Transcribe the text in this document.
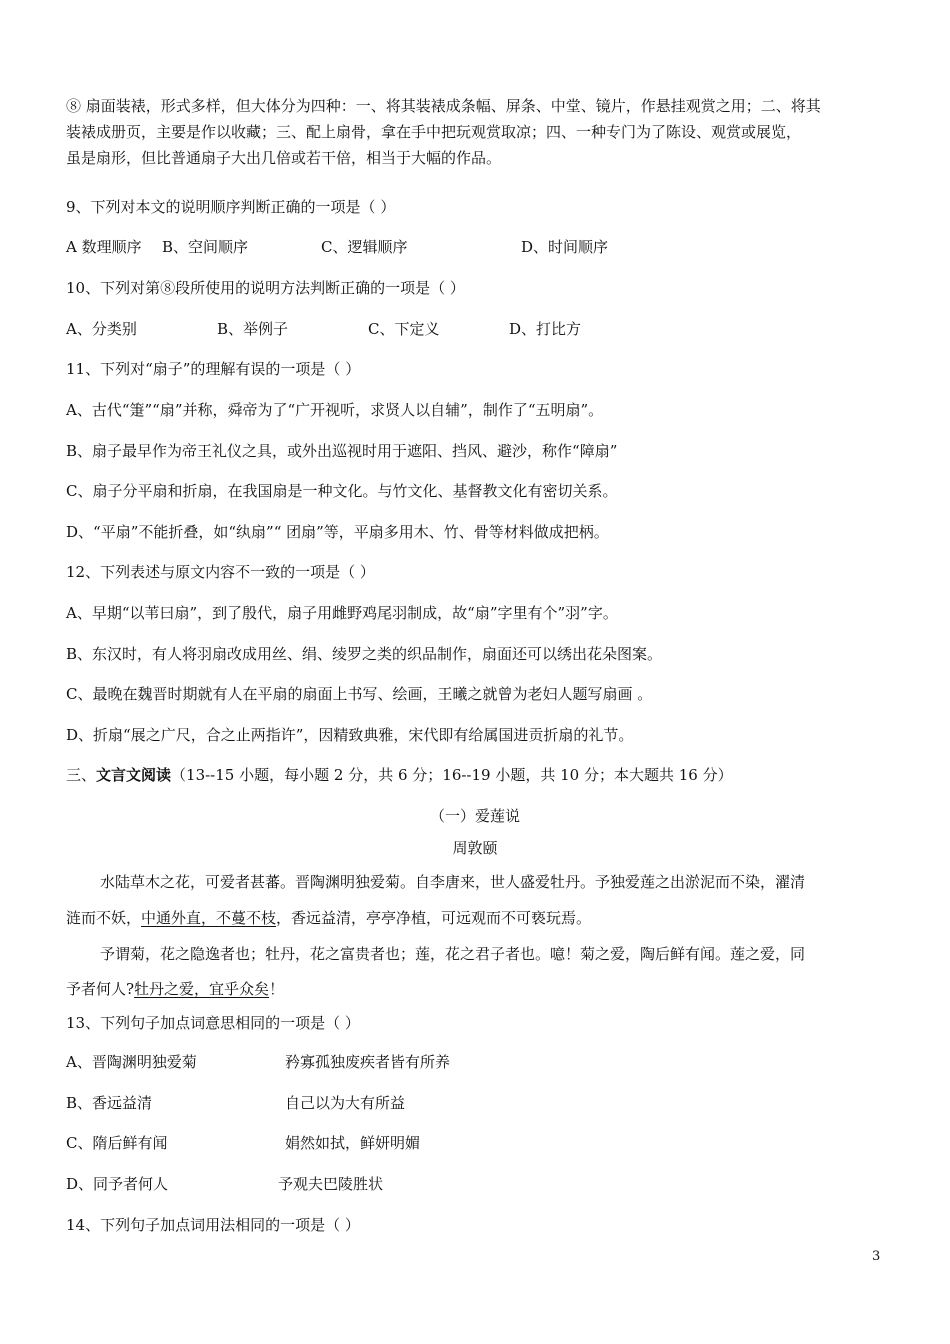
⑧ 扇面装裱，形式多样，但大体分为四种：一、将其装裱成条幅、屏条、中堂、镜片，作悬挂观赏之用；二、将其
装裱成册页，主要是作以收藏；三、配上扇骨，拿在手中把玩观赏取凉；四、一种专门为了陈设、观赏或展览，
虽是扇形，但比普通扇子大出几倍或若干倍，相当于大幅的作品。
9、下列对本文的说明顺序判断正确的一项是（ ）
A 数理顺序 B、空间顺序	C、逻辑顺序	D、时间顺序
10、下列对第⑧段所使用的说明方法判断正确的一项是（ ）
A、分类别	B、举例子	C、下定义	D、打比方
11、下列对“扇子”的理解有误的一项是（ ）
A、古代“箑”“扇”并称，舜帝为了“广开视听，求贤人以自辅”，制作了“五明扇”。
B、扇子最早作为帝王礼仪之具，或外出巡视时用于遮阳、挡风、避沙，称作“障扇”
C、扇子分平扇和折扇，在我国扇是一种文化。与竹文化、基督教文化有密切关系。
D、“平扇”不能折叠，如“纨扇”“ 团扇”等，平扇多用木、竹、骨等材料做成把柄。
12、下列表述与原文内容不一致的一项是（ ）
A、早期“以苇曰扇”，到了殷代，扇子用雌野鸡尾羽制成，故“扇”字里有个”羽”字。
B、东汉时，有人将羽扇改成用丝、绢、绫罗之类的织品制作，扇面还可以绣出花朵图案。
C、最晚在魏晋时期就有人在平扇的扇面上书写、绘画，王曦之就曾为老妇人题写扇画 。
D、折扇“展之广尺，合之止两指许”，因精致典雅，宋代即有给属国进贡折扇的礼节。
三、文言文阅读（13--15 小题，每小题 2 分，共 6 分；16--19 小题，共 10 分；本大题共 16 分）
（一）爱莲说
周敦颐
水陆草木之花，可爱者甚蕃。晋陶渊明独爱菊。自李唐来，世人盛爱牡丹。予独爱莲之出淤泥而不染，濯清
涟而不妖，中通外直，不蔓不枝，香远益清，亭亭净植，可远观而不可亵玩焉。
予谓菊，花之隐逸者也；牡丹，花之富贵者也；莲，花之君子者也。噫！菊之爱，陶后鲜有闻。莲之爱，同
予者何人?牡丹之爱，宜乎众矣！
13、下列句子加点词意思相同的一项是（ ）
A、晋陶渊明独爱菊	矜寡孤独废疾者皆有所养
B、香远益清	自己以为大有所益
C、隋后鲜有闻	娟然如拭，鲜妍明媚
D、同予者何人	予观夫巴陵胜状
14、下列句子加点词用法相同的一项是（ ）
3
